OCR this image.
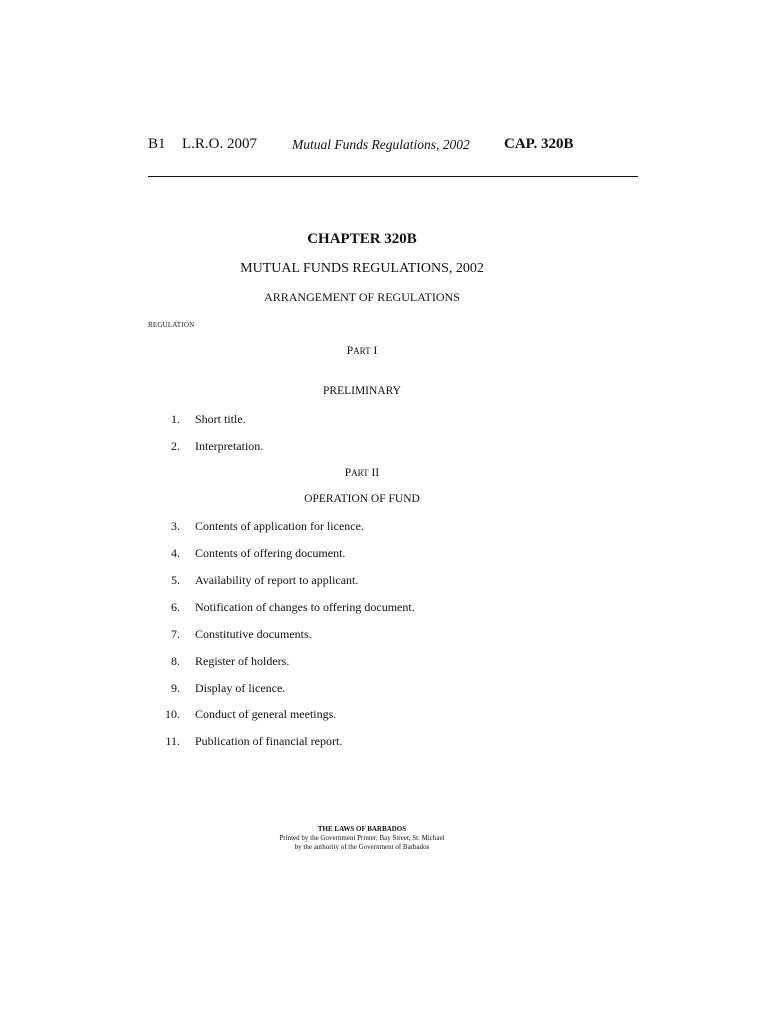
B1 L.R.O. 2007	Mutual Funds Regulations, 2002 CAP. 320B
CHAPTER 320B
MUTUAL FUNDS REGULATIONS, 2002
ARRANGEMENT OF REGULATIONS
REGULATION
PART I
PRELIMINARY
1. Short title.
2. Interpretation.
PART II
OPERATION OF FUND
3. Contents of application for licence.
4. Contents of offering document.
5. Availability of report to applicant.
6. Notification of changes to offering document.
7. Constitutive documents.
8. Register of holders.
9. Display of licence.
10. Conduct of general meetings.
11. Publication of financial report.
THE LAWS OF BARBADOS
Printed by the Government Printer, Bay Street, St. Michael
by the authority of the Government of Barbados
